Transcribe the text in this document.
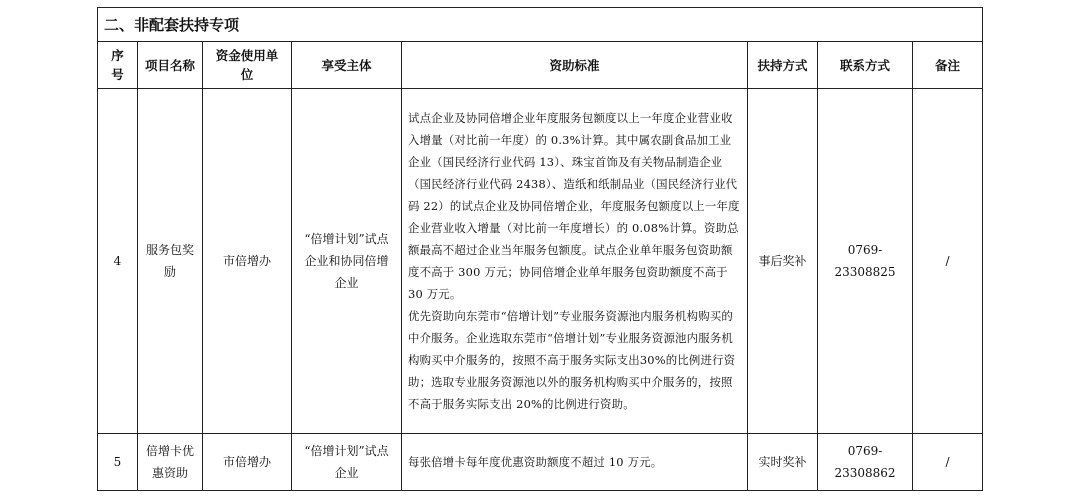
二、非配套扶持专项							
序号	项目名称	资金使用单位	享受主体	资助标准	扶持方式	联系方式	备注
4	服务包奖励	市倍增办	“倍增计划”试点企业和协同倍增企业	试点企业及协同倍增企业年度服务包额度以上一年度企业营业收入增量（对比前一年度）的 0.3%计算。其中属农副食品加工业企业（国民经济行业代码 13）、珠宝首饰及有关物品制造企业（国民经济行业代码 2438）、造纸和纸制品业（国民经济行业代码 22）的试点企业及协同倍增企业，年度服务包额度以上一年度企业营业收入增量（对比前一年度增长）的 0.08%计算。资助总额最高不超过企业当年服务包额度。试点企业单年服务包资助额度不高于 300 万元；协同倍增企业单年服务包资助额度不高于 30 万元。

优先资助向东莞市“倍增计划”专业服务资源池内服务机构购买的中介服务。企业选取东莞市“倍增计划”专业服务资源池内服务机构购买中介服务的，按照不高于服务实际支出30%的比例进行资助；选取专业服务资源池以外的服务机构购买中介服务的，按照不高于服务实际支出 20%的比例进行资助。	事后奖补	0769-23308825	/
5	倍增卡优惠资助	市倍增办	“倍增计划”试点企业	每张倍增卡每年度优惠资助额度不超过 10 万元。	实时奖补	0769-23308862	/
